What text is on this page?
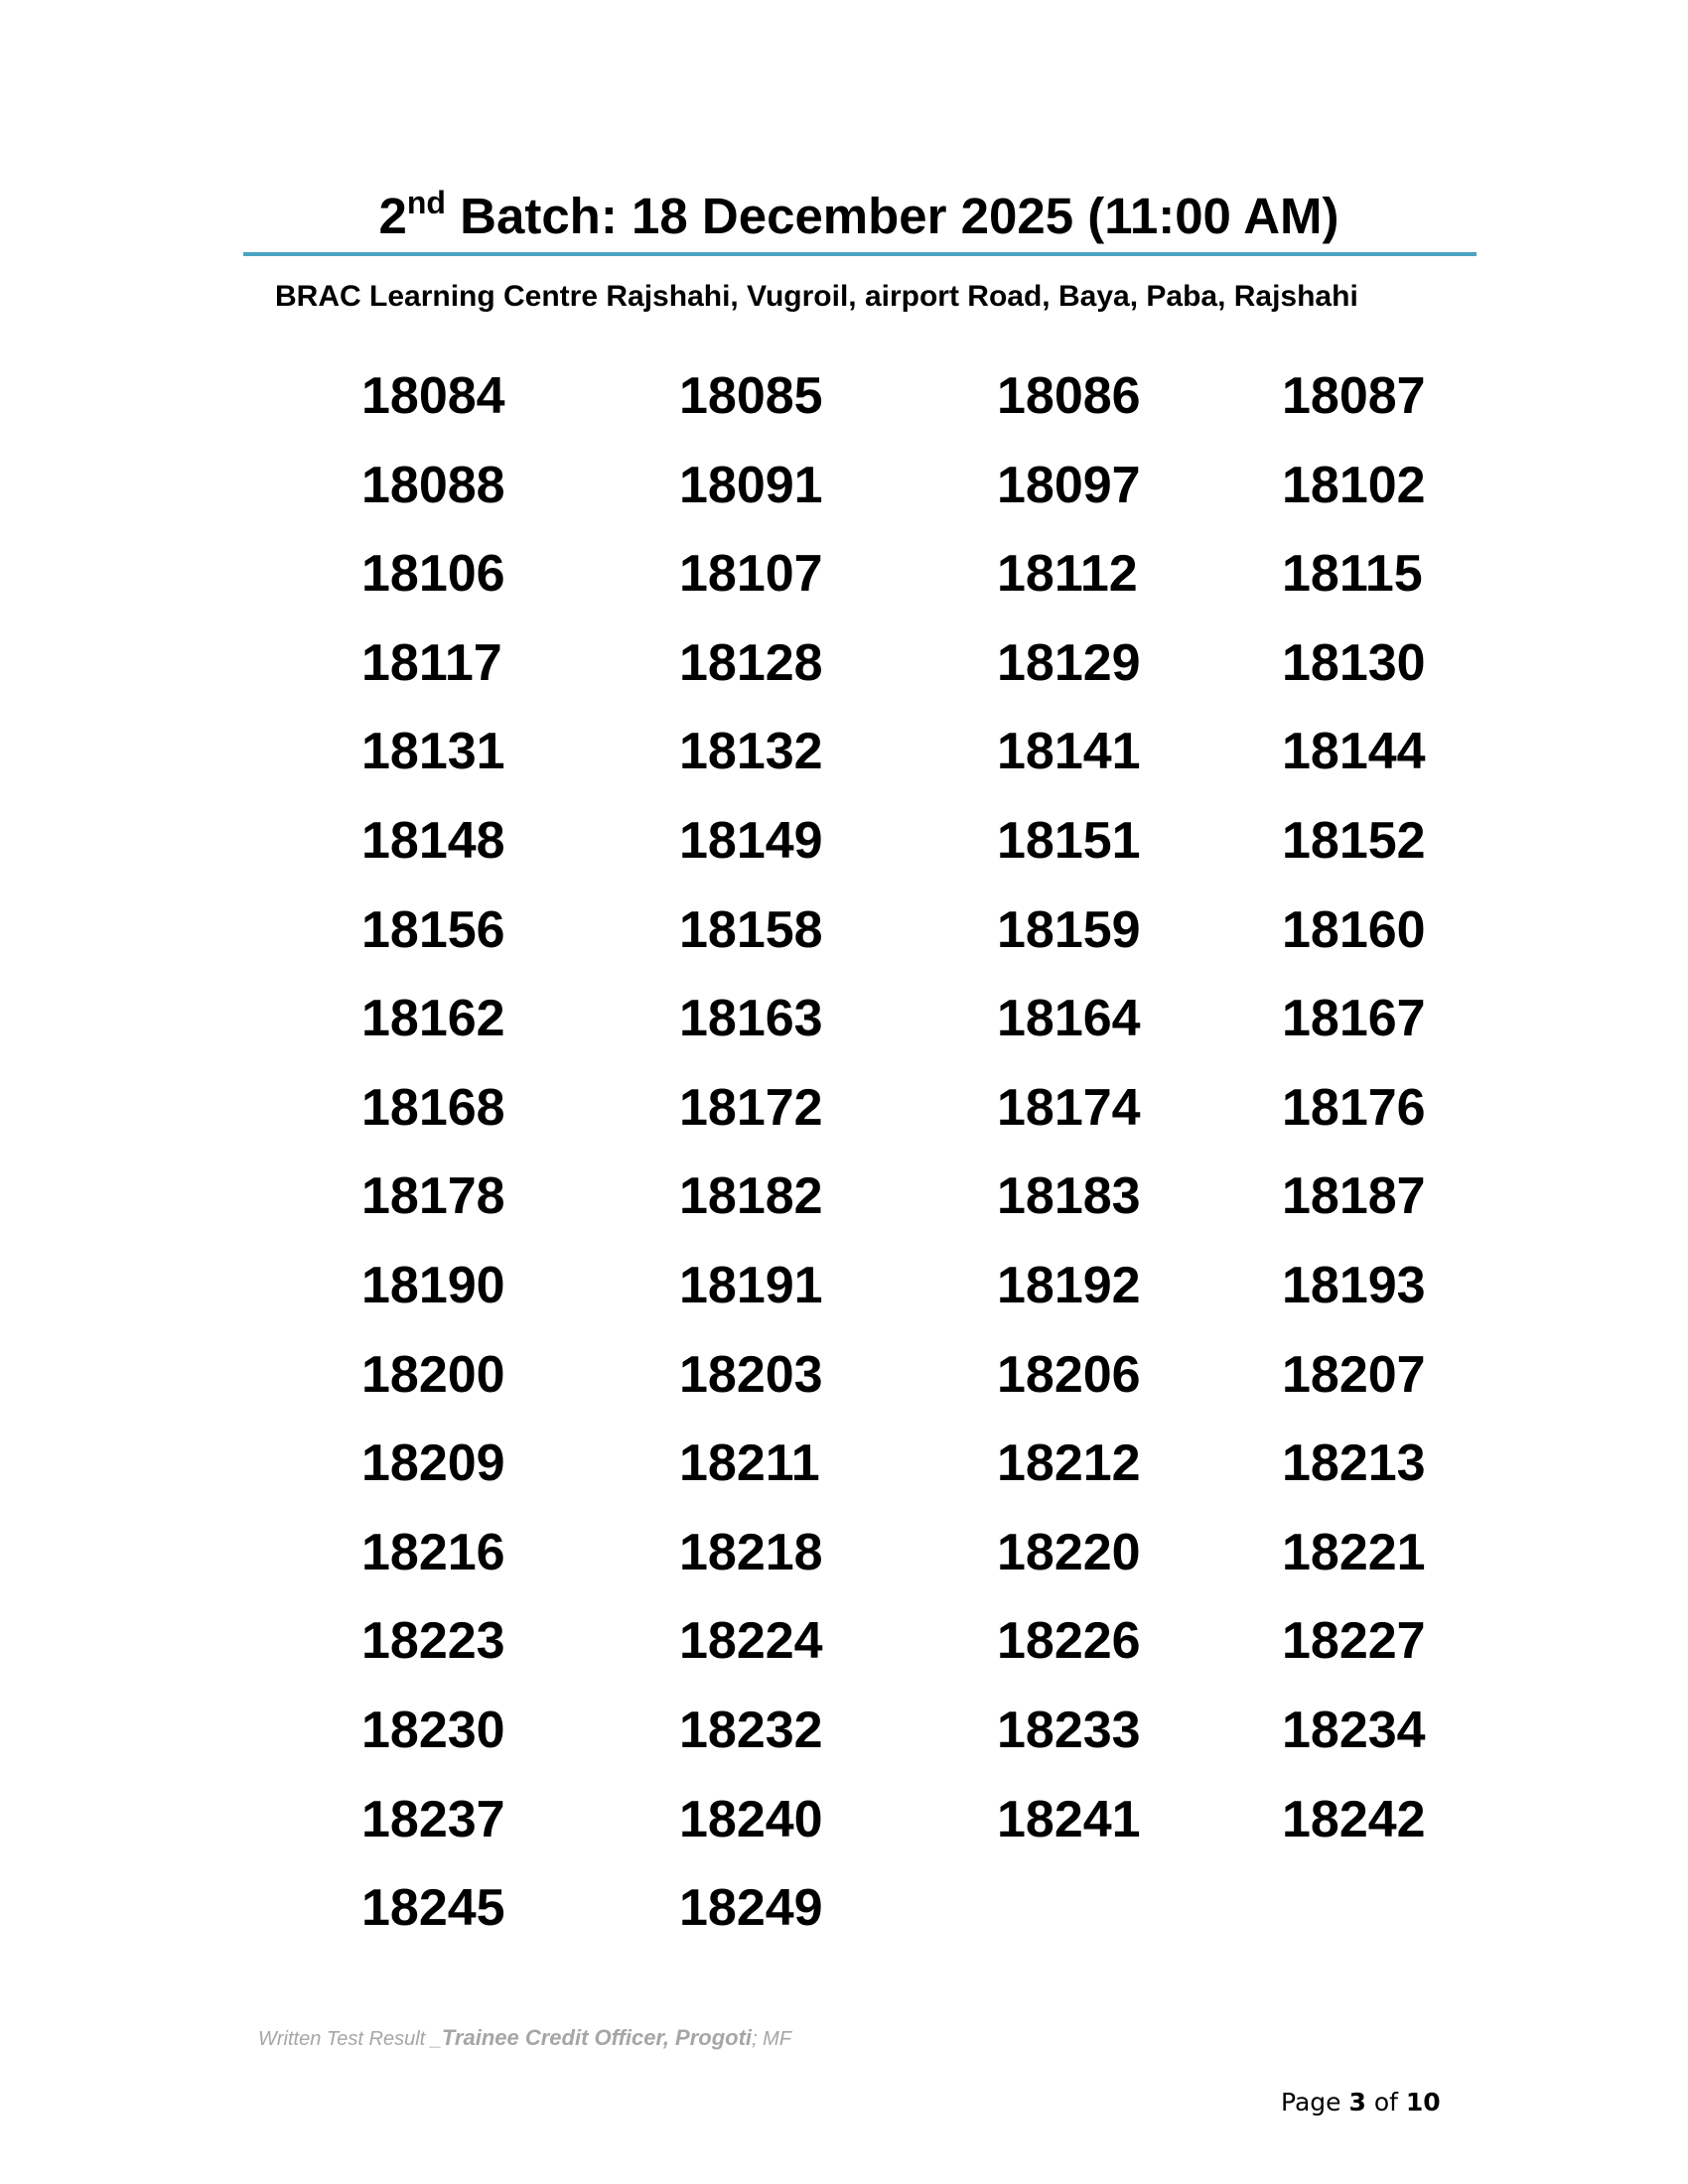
2nd Batch: 18 December 2025 (11:00 AM)
BRAC Learning Centre Rajshahi, Vugroil, airport Road, Baya, Paba, Rajshahi
18084	18085	18086	18087
18088	18091	18097	18102
18106	18107	18112	18115
18117	18128	18129	18130
18131	18132	18141	18144
18148	18149	18151	18152
18156	18158	18159	18160
18162	18163	18164	18167
18168	18172	18174	18176
18178	18182	18183	18187
18190	18191	18192	18193
18200	18203	18206	18207
18209	18211	18212	18213
18216	18218	18220	18221
18223	18224	18226	18227
18230	18232	18233	18234
18237	18240	18241	18242
18245	18249
Written Test Result _Trainee Credit Officer, Progoti; MF
Page 3 of 10
